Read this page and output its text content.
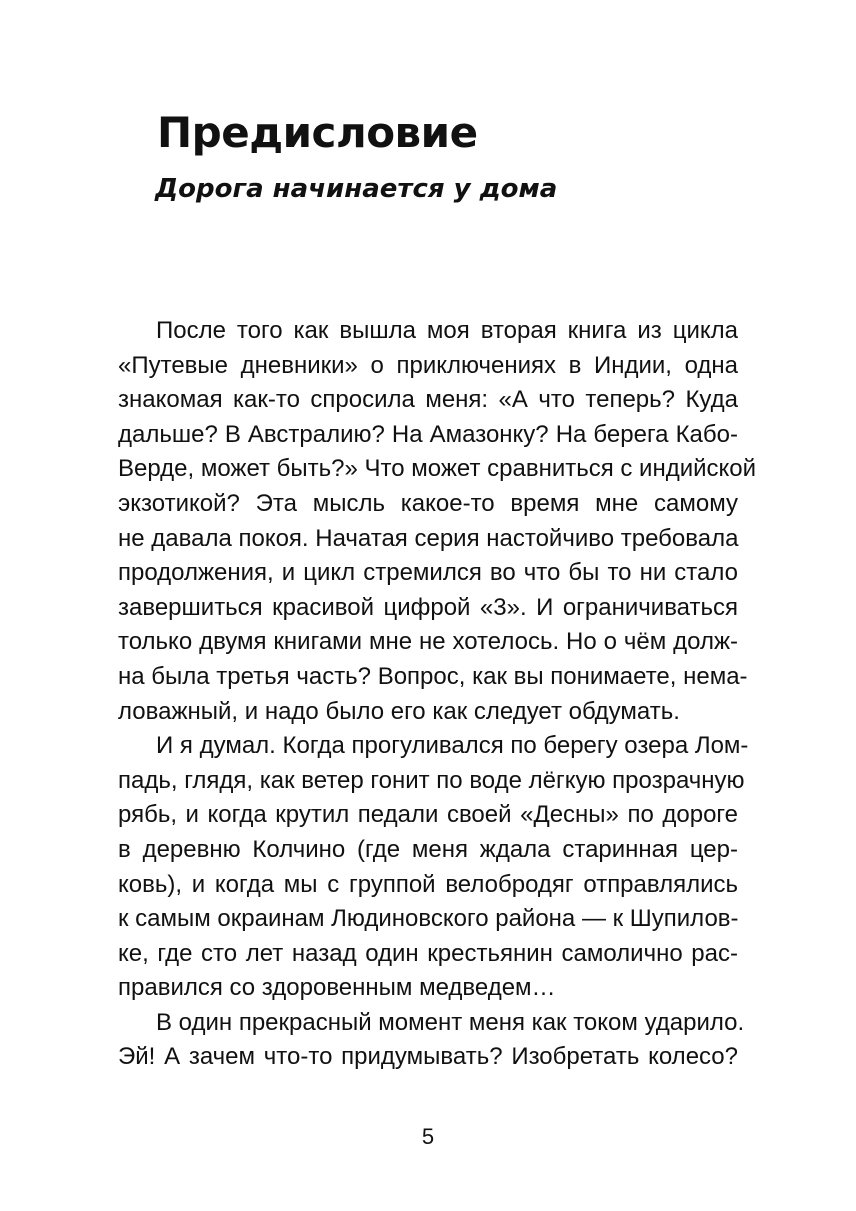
Предисловие
Дорога начинается у дома
После того как вышла моя вторая книга из цикла
«Путевые дневники» о приключениях в Индии, одна
знакомая как-то спросила меня: «А что теперь? Куда
дальше? В Австралию? На Амазонку? На берега Кабо-
Верде, может быть?» Что может сравниться с индийской
экзотикой? Эта мысль какое-то время мне самому
не давала покоя. Начатая серия настойчиво требовала
продолжения, и цикл стремился во что бы то ни стало
завершиться красивой цифрой «3». И ограничиваться
только двумя книгами мне не хотелось. Но о чём долж-
на была третья часть? Вопрос, как вы понимаете, нема-
ловажный, и надо было его как следует обдумать.
И я думал. Когда прогуливался по берегу озера Лом-
падь, глядя, как ветер гонит по воде лёгкую прозрачную
рябь, и когда крутил педали своей «Десны» по дороге
в деревню Колчино (где меня ждала старинная цер-
ковь), и когда мы с группой велобродяг отправлялись
к самым окраинам Людиновского района — к Шупилов-
ке, где сто лет назад один крестьянин самолично рас-
правился со здоровенным медведем…
В один прекрасный момент меня как током ударило.
Эй! А зачем что-то придумывать? Изобретать колесо?
5
